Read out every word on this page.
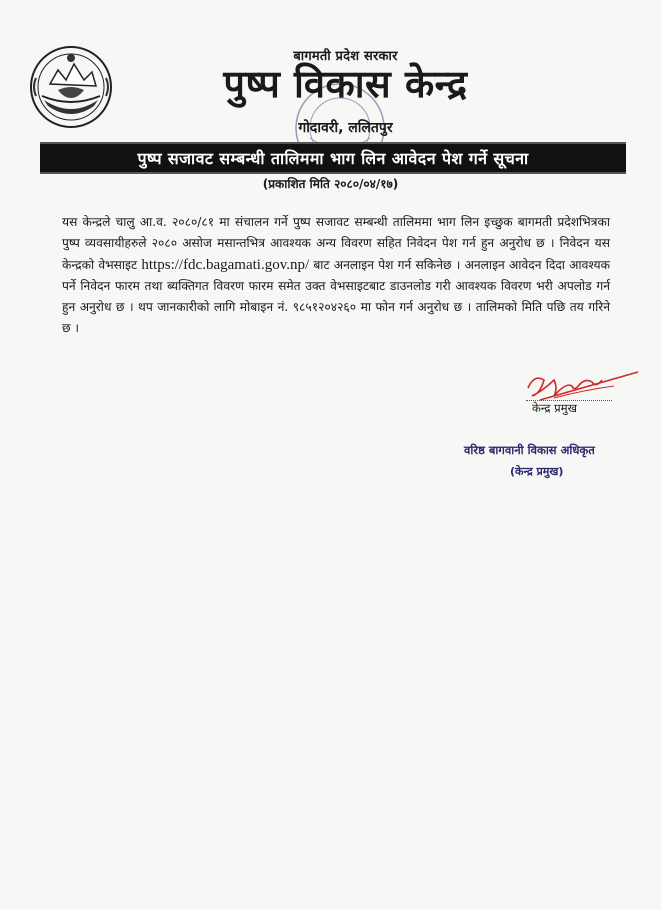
बागमती प्रदेश सरकार
पुष्प विकास केन्द्र
गोदावरी, ललितपुर
पुष्प सजावट सम्बन्धी तालिममा भाग लिन आवेदन पेश गर्ने सूचना
(प्रकाशित मिति २०८०/०४/१७)
यस केन्द्रले चालु आ.व. २०८०/८१ मा संचालन गर्ने पुष्प सजावट सम्बन्धी तालिममा भाग लिन इच्छुक बागमती प्रदेशभित्रका पुष्प व्यवसायीहरुले २०८० असोज मसान्तभित्र आवश्यक अन्य विवरण सहित निवेदन पेश गर्न हुन अनुरोध छ । निवेदन यस केन्द्रको वेभसाइट https://fdc.bagamati.gov.np/ बाट अनलाइन पेश गर्न सकिनेछ । अनलाइन आवेदन दिदा आवश्यक पर्ने निवेदन फारम तथा ब्यक्तिगत विवरण फारम समेत उक्त वेभसाइटबाट डाउनलोड गरी आवश्यक विवरण भरी अपलोड गर्न हुन अनुरोध छ । थप जानकारीको लागि मोबाइन नं. ९८५१२०४२६० मा फोन गर्न अनुरोध छ । तालिमको मिति पछि तय गरिने छ ।
केन्द्र प्रमुख
वरिष्ठ बागवानी विकास अधिकृत
(केन्द्र प्रमुख)
